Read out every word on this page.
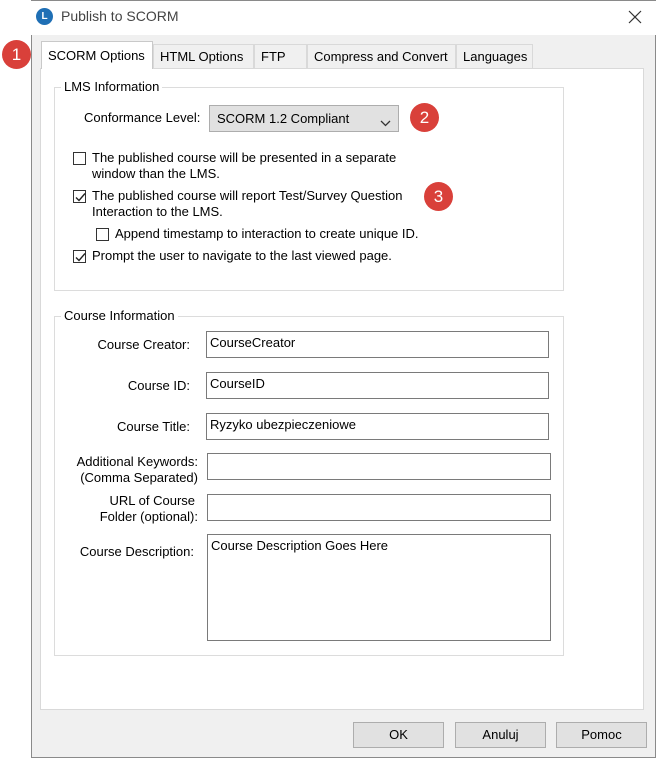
L Publish to SCORM
SCORM Options	HTML Options	FTP	Compress and Convert	Languages
LMS Information
Conformance Level: SCORM 1.2 Compliant
The published course will be presented in a separate window than the LMS.
The published course will report Test/Survey Question Interaction to the LMS.
Append timestamp to interaction to create unique ID.
Prompt the user to navigate to the last viewed page.
Course Information
Course Creator:	CourseCreator
Course ID:	CourseID
Course Title:	Ryzyko ubezpieczeniowe
Additional Keywords:
(Comma Separated)
URL of Course
Folder (optional):
Course Description:	Course Description Goes Here
OK	Anuluj	Pomoc
1
2
3
